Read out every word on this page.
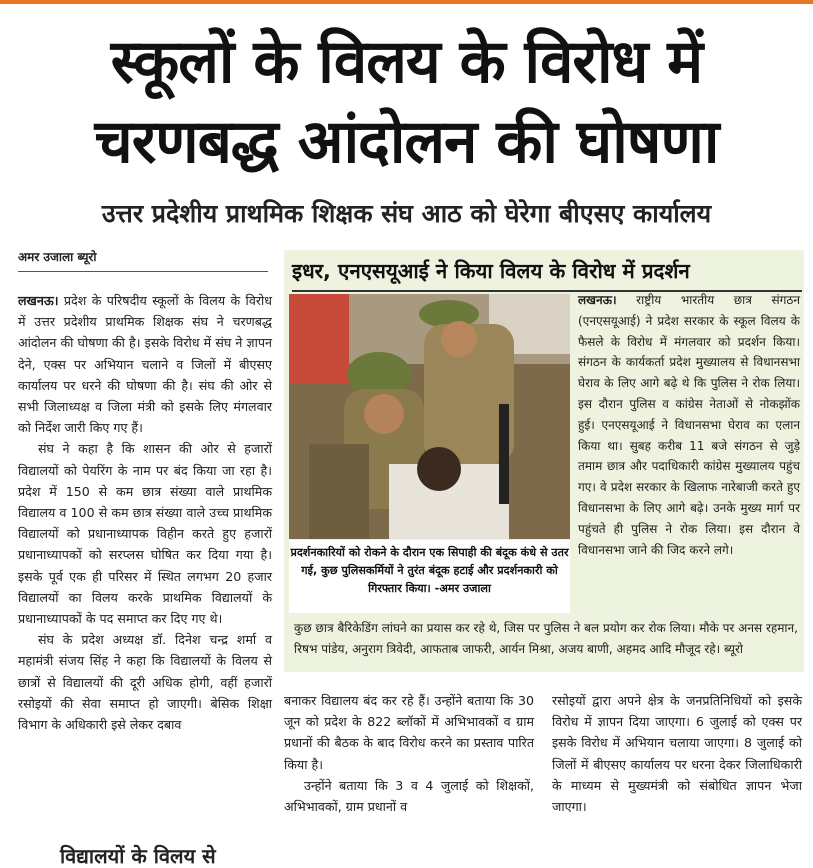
स्कूलों के विलय के विरोध में
चरणबद्ध आंदोलन की घोषणा
उत्तर प्रदेशीय प्राथमिक शिक्षक संघ आठ को घेरेगा बीएसए कार्यालय
अमर उजाला ब्यूरो

लखनऊ। प्रदेश के परिषदीय स्कूलों के विलय के विरोध में उत्तर प्रदेशीय प्राथमिक शिक्षक संघ ने चरणबद्ध आंदोलन की घोषणा की है। इसके विरोध में संघ ने ज्ञापन देने, एक्स पर अभियान चलाने व जिलों में बीएसए कार्यालय पर धरने की घोषणा की है। संघ की ओर से सभी जिलाध्यक्ष व जिला मंत्री को इसके लिए मंगलवार को निर्देश जारी किए गए हैं।

संघ ने कहा है कि शासन की ओर से हजारों विद्यालयों को पेयरिंग के नाम पर बंद किया जा रहा है। प्रदेश में 150 से कम छात्र संख्या वाले प्राथमिक विद्यालय व 100 से कम छात्र संख्या वाले उच्च प्राथमिक विद्यालयों को प्रधानाध्यापक विहीन करते हुए हजारों प्रधानाध्यापकों को सरप्लस घोषित कर दिया गया है। इसके पूर्व एक ही परिसर में स्थित लगभग 20 हजार विद्यालयों का विलय करके प्राथमिक विद्यालयों के प्रधानाध्यापकों के पद समाप्त कर दिए गए थे।

संघ के प्रदेश अध्यक्ष डॉ. दिनेश चन्द्र शर्मा व महामंत्री संजय सिंह ने कहा कि विद्यालयों के विलय से छात्रों से विद्यालयों की दूरी अधिक होगी, वहीं हजारों रसोइयों की सेवा समाप्त हो जाएगी। बेसिक शिक्षा विभाग के अधिकारी इसे लेकर दबाव

इधर, एनएसयूआई ने किया विलय के विरोध में प्रदर्शन
प्रदर्शनकारियों को रोकने के दौरान एक सिपाही की बंदूक कंधे से उतर गई, कुछ पुलिसकर्मियों ने तुरंत बंदूक हटाई और प्रदर्शनकारी को गिरफ्तार किया। -अमर उजाला

लखनऊ। राष्ट्रीय भारतीय छात्र संगठन (एनएसयूआई) ने प्रदेश सरकार के स्कूल विलय के फैसले के विरोध में मंगलवार को प्रदर्शन किया। संगठन के कार्यकर्ता प्रदेश मुख्यालय से विधानसभा घेराव के लिए आगे बढ़े थे कि पुलिस ने रोक लिया। इस दौरान पुलिस व कांग्रेस नेताओं से नोकझोंक हुई। एनएसयूआई ने विधानसभा घेराव का एलान किया था। सुबह करीब 11 बजे संगठन से जुड़े तमाम छात्र और पदाधिकारी कांग्रेस मुख्यालय पहुंच गए। वे प्रदेश सरकार के खिलाफ नारेबाजी करते हुए विधानसभा के लिए आगे बढ़े। उनके मुख्य मार्ग पर पहुंचते ही पुलिस ने रोक लिया। इस दौरान वे विधानसभा जाने की जिद करने लगे।

कुछ छात्र बैरिकेडिंग लांघने का प्रयास कर रहे थे, जिस पर पुलिस ने बल प्रयोग कर रोक लिया। मौके पर अनस रहमान, रिषभ पांडेय, अनुराग त्रिवेदी, आफताब जाफरी, आर्यन मिश्रा, अजय बाणी, अहमद आदि मौजूद रहे। ब्यूरो

बनाकर विद्यालय बंद कर रहे हैं। उन्होंने बताया कि 30 जून को प्रदेश के 822 ब्लॉकों में अभिभावकों व ग्राम प्रधानों की बैठक के बाद विरोध करने का प्रस्ताव पारित किया है।

उन्होंने बताया कि 3 व 4 जुलाई को शिक्षकों, अभिभावकों, ग्राम प्रधानों व

रसोइयों द्वारा अपने क्षेत्र के जनप्रतिनिधियों को इसके विरोध में ज्ञापन दिया जाएगा। 6 जुलाई को एक्स पर इसके विरोध में अभियान चलाया जाएगा। 8 जुलाई को जिलों में बीएसए कार्यालय पर धरना देकर जिलाधिकारी के माध्यम से मुख्यमंत्री को संबोधित ज्ञापन भेजा जाएगा।

विद्यालयों के विलय से
